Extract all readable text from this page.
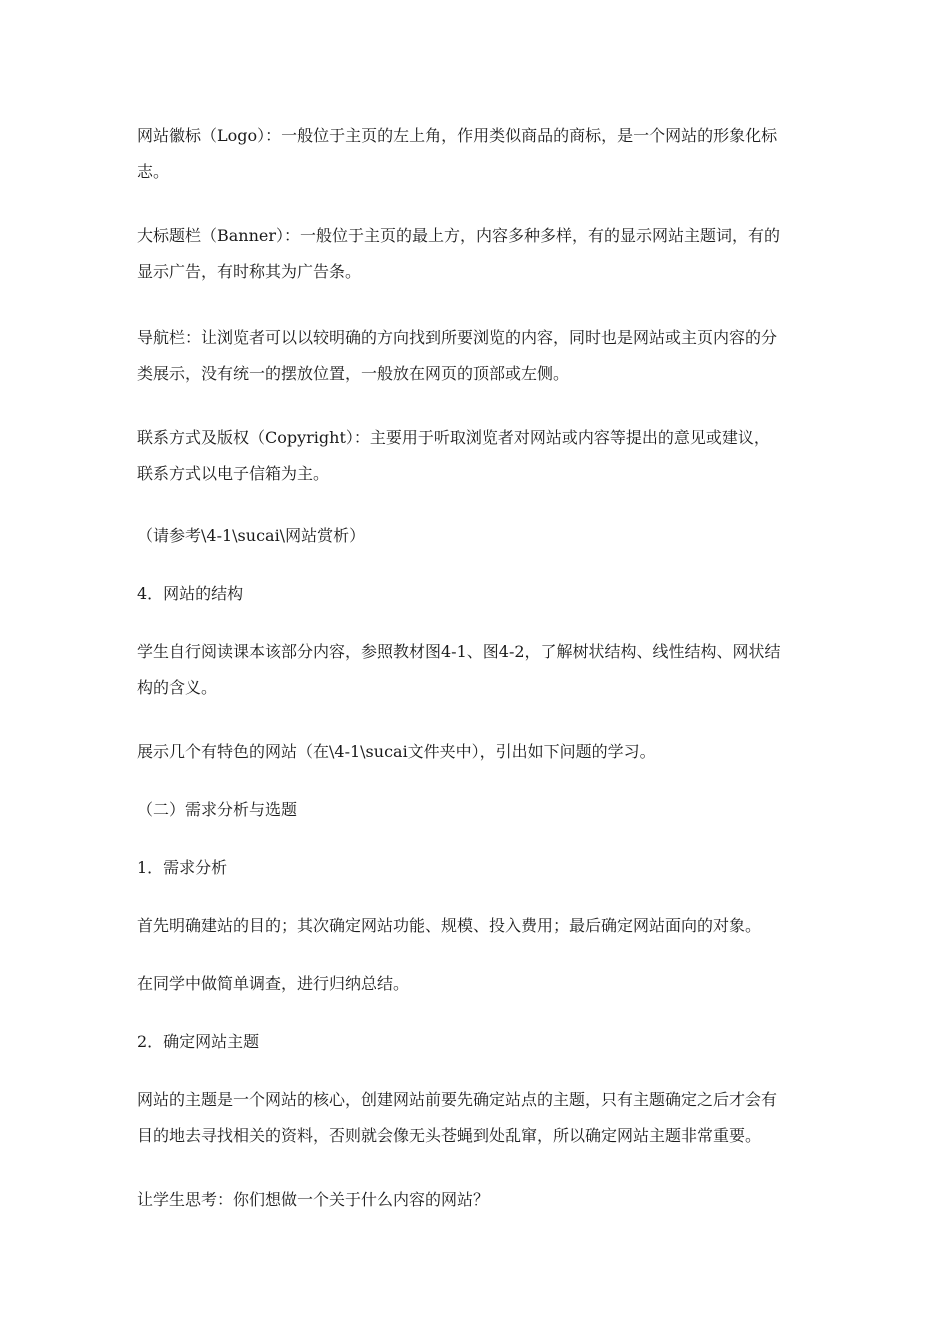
网站徽标（Logo）：一般位于主页的左上角，作用类似商品的商标，是一个网站的形象化标
志。

大标题栏（Banner）：一般位于主页的最上方，内容多种多样，有的显示网站主题词，有的
显示广告，有时称其为广告条。

导航栏：让浏览者可以以较明确的方向找到所要浏览的内容，同时也是网站或主页内容的分
类展示，没有统一的摆放位置，一般放在网页的顶部或左侧。

联系方式及版权（Copyright）：主要用于听取浏览者对网站或内容等提出的意见或建议，
联系方式以电子信箱为主。

（请参考\4-1\sucai\网站赏析）

4．网站的结构

学生自行阅读课本该部分内容，参照教材图4-1、图4-2，了解树状结构、线性结构、网状结
构的含义。

展示几个有特色的网站（在\4-1\sucai文件夹中），引出如下问题的学习。

（二）需求分析与选题

1．需求分析

首先明确建站的目的；其次确定网站功能、规模、投入费用；最后确定网站面向的对象。

在同学中做简单调查，进行归纳总结。

2．确定网站主题

网站的主题是一个网站的核心，创建网站前要先确定站点的主题，只有主题确定之后才会有
目的地去寻找相关的资料，否则就会像无头苍蝇到处乱窜，所以确定网站主题非常重要。

让学生思考：你们想做一个关于什么内容的网站？
